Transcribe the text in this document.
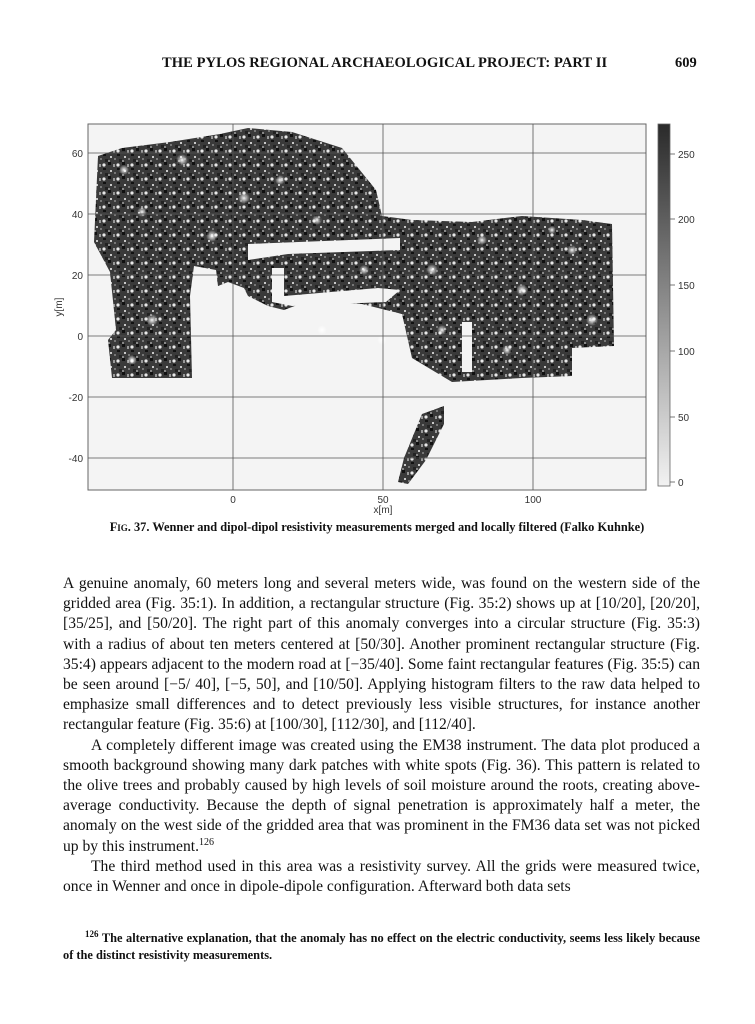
THE PYLOS REGIONAL ARCHAEOLOGICAL PROJECT: PART II	609
60
40
20
0
-20
-40
0	50	100
x[m]
y[m]
250
200
150
100
50
0
Fig. 37. Wenner and dipol-dipol resistivity measurements merged and locally filtered (Falko Kuhnke)

A genuine anomaly, 60 meters long and several meters wide, was found on the western side of the gridded area (Fig. 35:1). In addition, a rectangular structure (Fig. 35:2) shows up at [10/20], [20/20], [35/25], and [50/20]. The right part of this anomaly converges into a circular structure (Fig. 35:3) with a radius of about ten meters centered at [50/30]. Another prominent rectangular structure (Fig. 35:4) appears adjacent to the modern road at [−35/40]. Some faint rectangular features (Fig. 35:5) can be seen around [−5/ 40], [−5, 50], and [10/50]. Applying histogram filters to the raw data helped to emphasize small differences and to detect previously less visible structures, for instance another rectangular feature (Fig. 35:6) at [100/30], [112/30], and [112/40].

A completely different image was created using the EM38 instrument. The data plot produced a smooth background showing many dark patches with white spots (Fig. 36). This pattern is related to the olive trees and probably caused by high levels of soil moisture around the roots, creating above-average conductivity. Because the depth of signal penetration is approximately half a meter, the anomaly on the west side of the gridded area that was prominent in the FM36 data set was not picked up by this instrument.$^{126}$

The third method used in this area was a resistivity survey. All the grids were measured twice, once in Wenner and once in dipole-dipole configuration. Afterward both data sets

$^{126}$ The alternative explanation, that the anomaly has no effect on the electric conductivity, seems less likely because of the distinct resistivity measurements.
